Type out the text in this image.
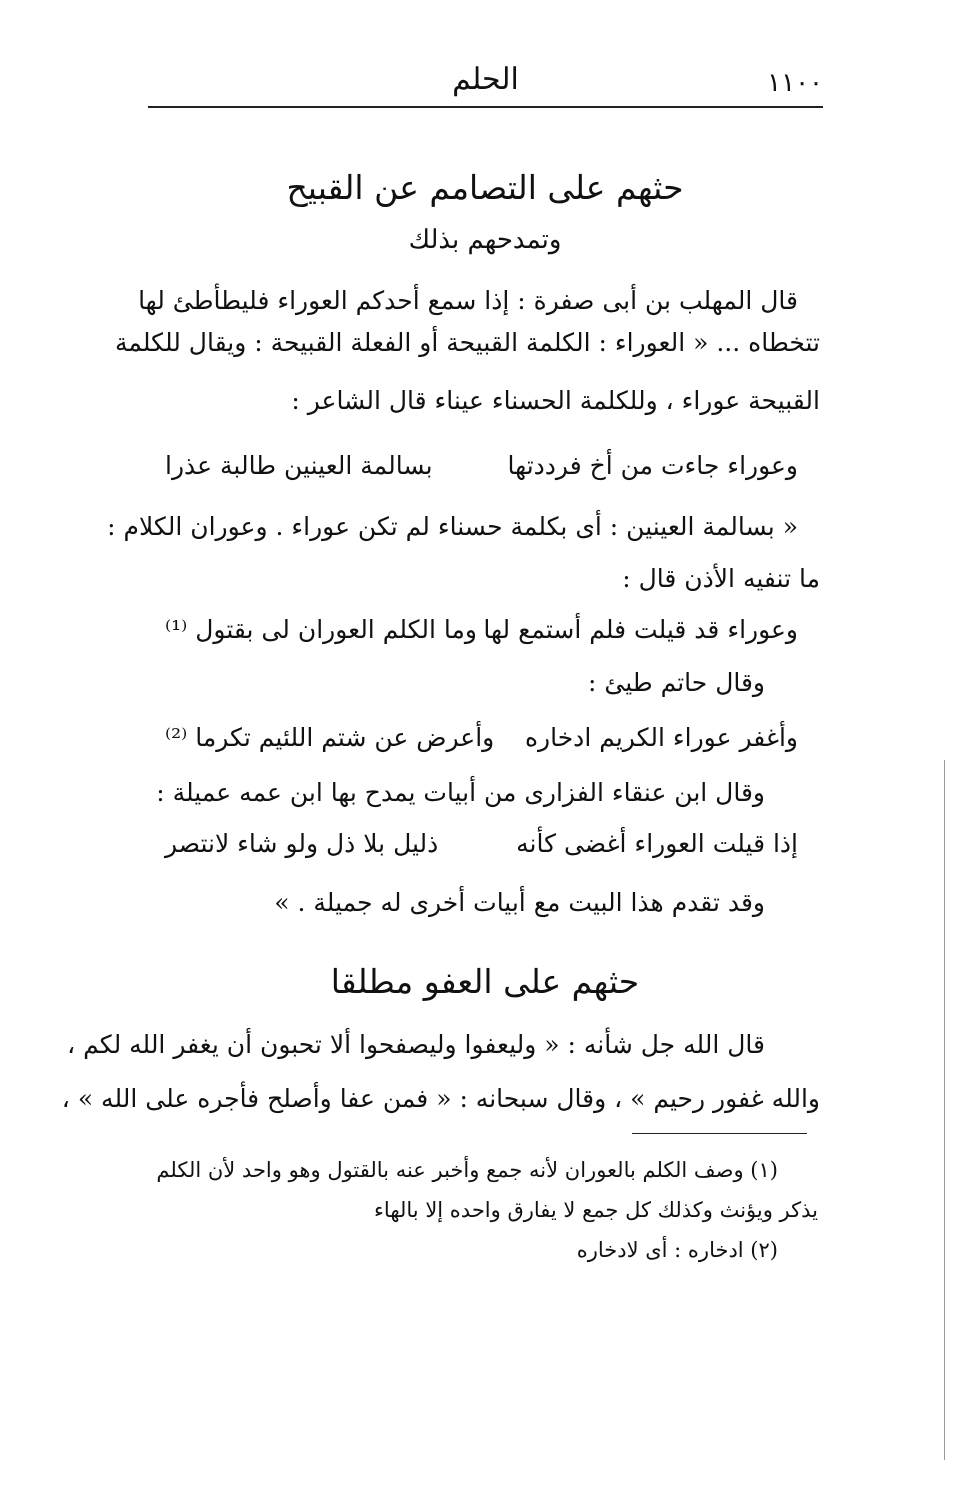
١١٠٠
الحلم
حثهم على التصامم عن القبيح
وتمدحهم بذلك
قال المهلب بن أبى صفرة : إذا سمع أحدكم العوراء فليطأطئ لها
تتخطاه ... « العوراء : الكلمة القبيحة أو الفعلة القبيحة : ويقال للكلمة
القبيحة عوراء ، وللكلمة الحسناء عيناء قال الشاعر :
وعوراء جاءت من أخ فرددتها
بسالمة العينين طالبة عذرا
« بسالمة العينين : أى بكلمة حسناء لم تكن عوراء . وعوران الكلام :
ما تنفيه الأذن قال :
وعوراء قد قيلت فلم أستمع لها
وما الكلم العوران لى بقتول ⁽¹⁾
وقال حاتم طيئ :
وأغفر عوراء الكريم ادخاره
وأعرض عن شتم اللئيم تكرما ⁽²⁾
وقال ابن عنقاء الفزارى من أبيات يمدح بها ابن عمه عميلة :
إذا قيلت العوراء أغضى كأنه
ذليل بلا ذل ولو شاء لانتصر
وقد تقدم هذا البيت مع أبيات أخرى له جميلة . »
حثهم على العفو مطلقا
قال الله جل شأنه : « وليعفوا وليصفحوا ألا تحبون أن يغفر الله لكم ،
والله غفور رحيم » ، وقال سبحانه : « فمن عفا وأصلح فأجره على الله » ،
(١) وصف الكلم بالعوران لأنه جمع وأخبر عنه بالقتول وهو واحد لأن الكلم
يذكر ويؤنث وكذلك كل جمع لا يفارق واحده إلا بالهاء
(٢) ادخاره : أى لادخاره
